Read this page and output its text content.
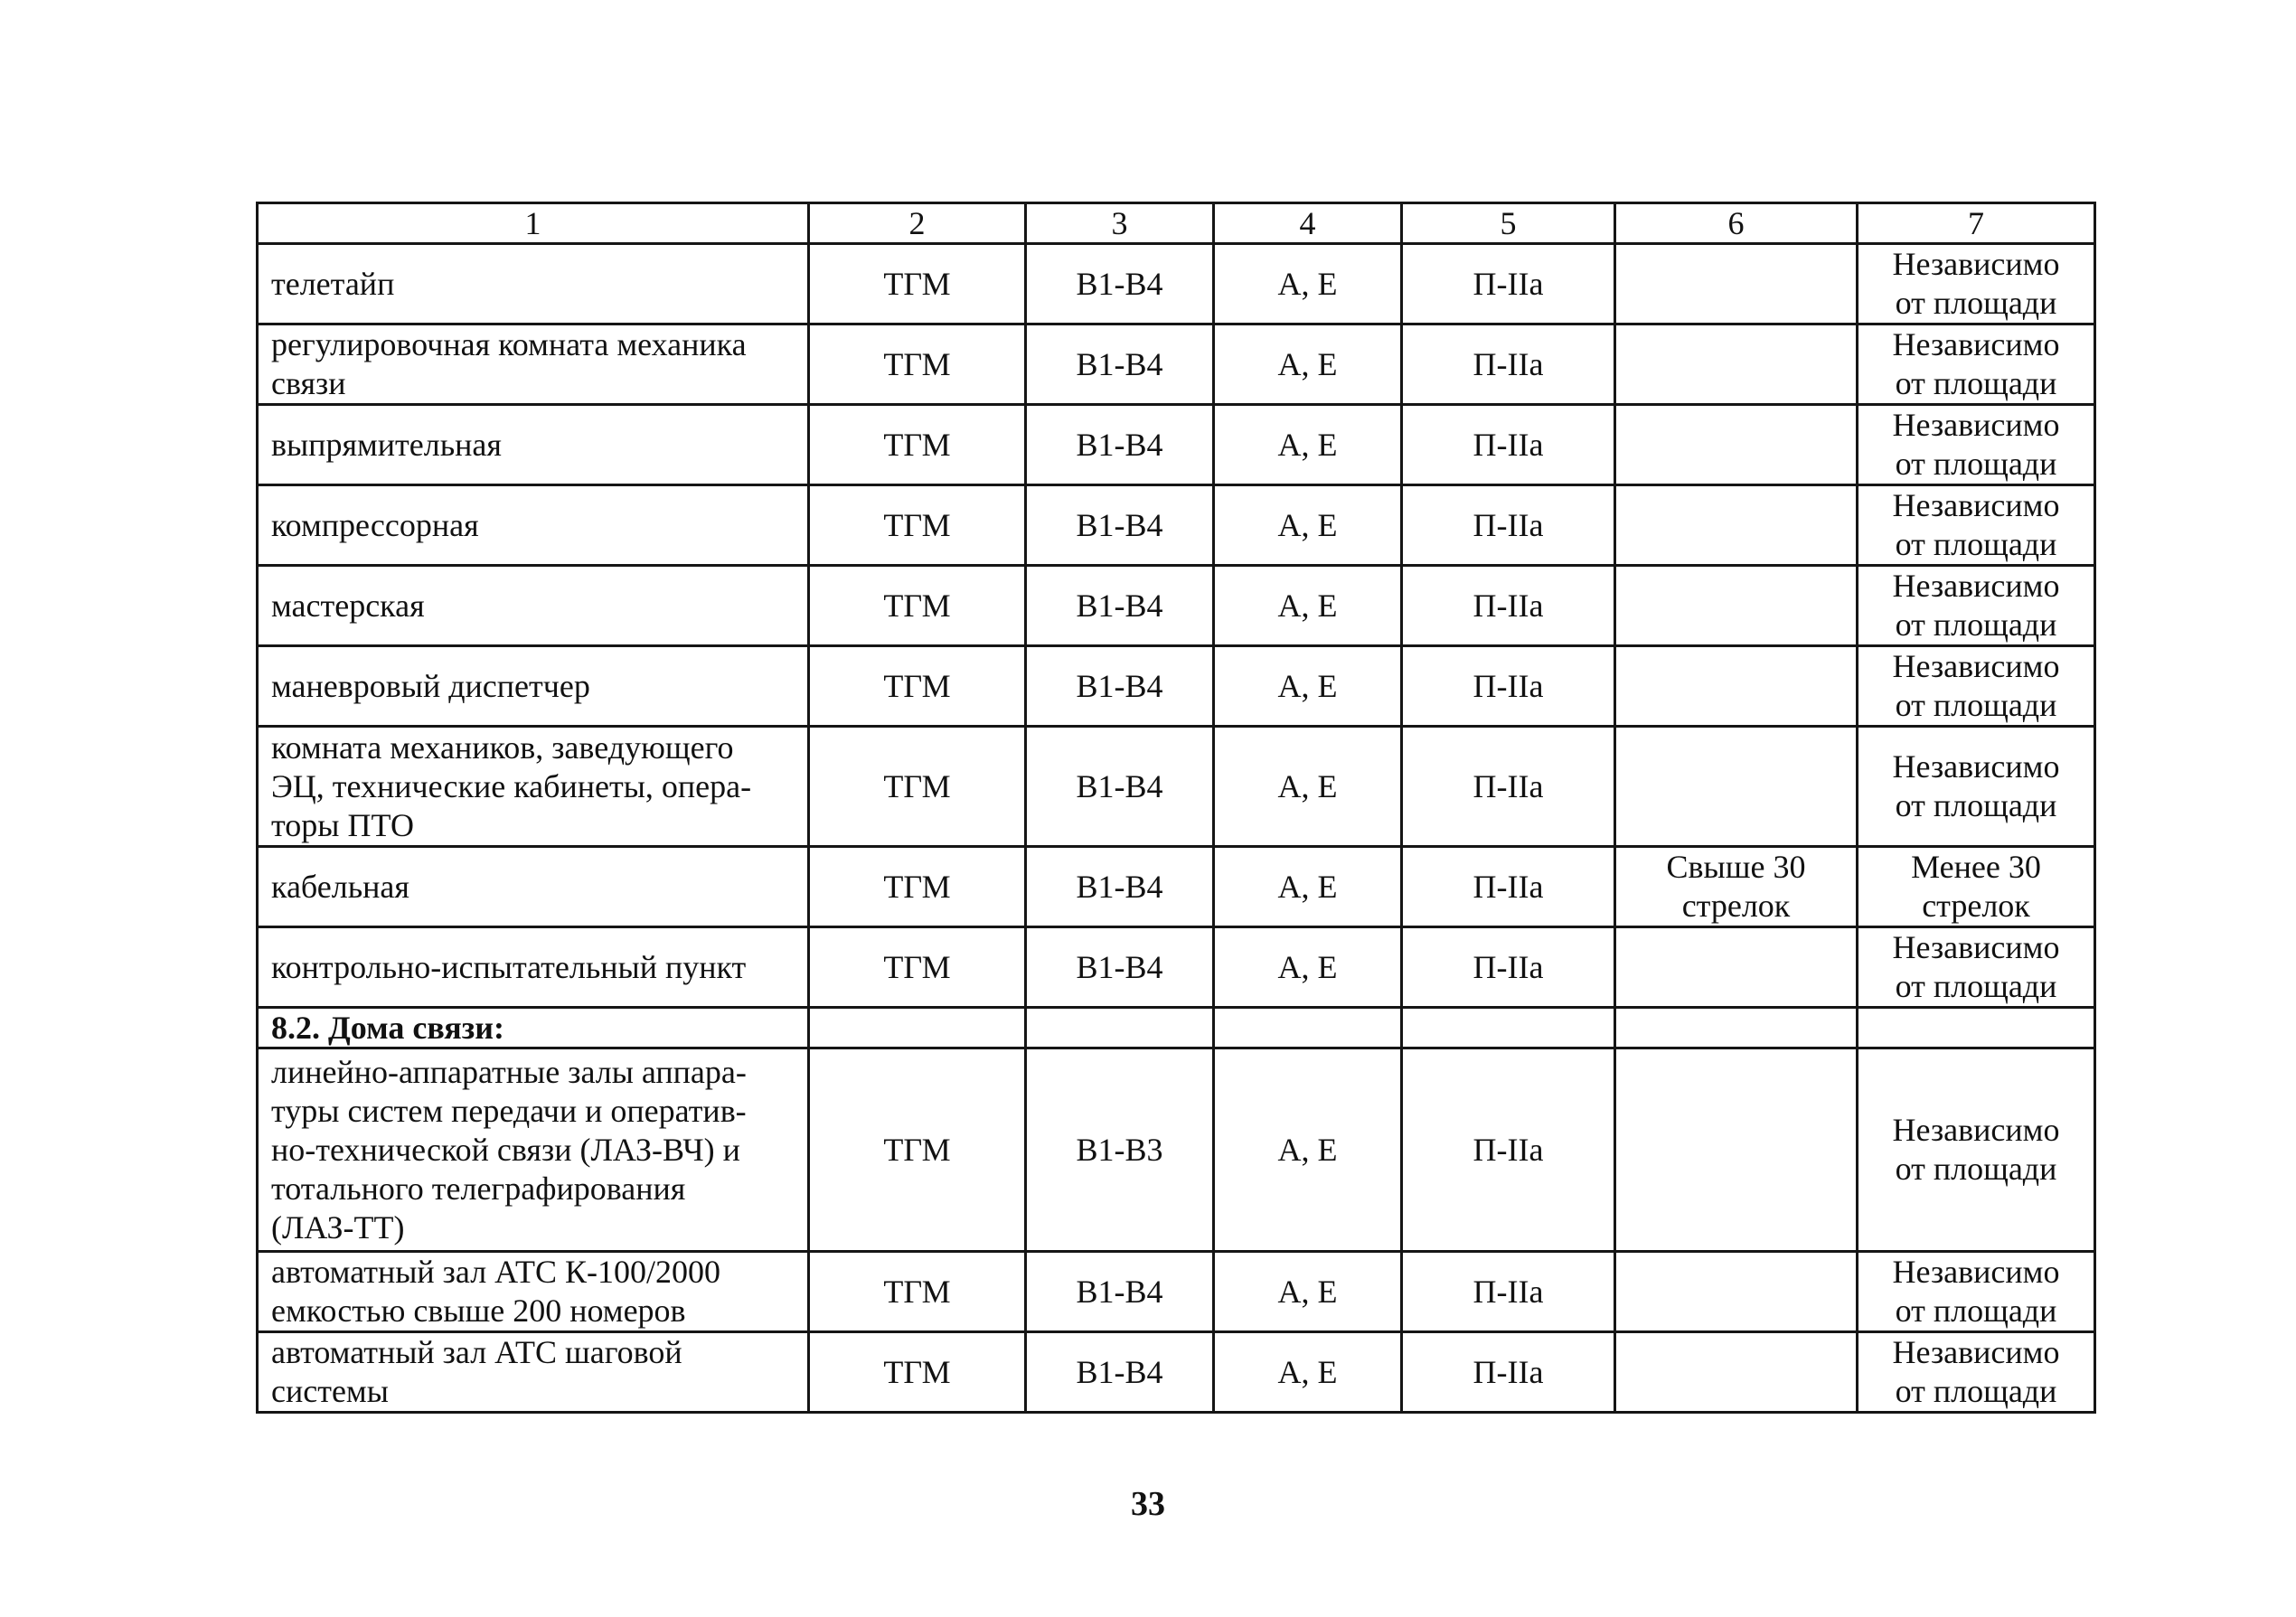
1	2	3	4	5	6	7
телетайп	ТГМ	В1-В4	А, Е	П-IIа		Независимо
от площади
регулировочная комната механика
связи	ТГМ	В1-В4	А, Е	П-IIа		Независимо
от площади
выпрямительная	ТГМ	В1-В4	А, Е	П-IIа		Независимо
от площади
компрессорная	ТГМ	В1-В4	А, Е	П-IIа		Независимо
от площади
мастерская	ТГМ	В1-В4	А, Е	П-IIа		Независимо
от площади
маневровый диспетчер	ТГМ	В1-В4	А, Е	П-IIа		Независимо
от площади
комната механиков, заведующего
ЭЦ, технические кабинеты, опера-
торы ПТО	ТГМ	В1-В4	А, Е	П-IIа		Независимо
от площади
кабельная	ТГМ	В1-В4	А, Е	П-IIа	Свыше 30
стрелок	Менее 30
стрелок
контрольно-испытательный пункт	ТГМ	В1-В4	А, Е	П-IIа		Независимо
от площади
8.2. Дома связи:						
линейно-аппаратные залы аппара-
туры систем передачи и оператив-
но-технической связи (ЛАЗ-ВЧ) и
тотального телеграфирования
(ЛАЗ-ТТ)	ТГМ	В1-В3	А, Е	П-IIа		Независимо
от площади
автоматный зал АТС К-100/2000
емкостью свыше 200 номеров	ТГМ	В1-В4	А, Е	П-IIа		Независимо
от площади
автоматный зал АТС шаговой
системы	ТГМ	В1-В4	А, Е	П-IIа		Независимо
от площади
33
